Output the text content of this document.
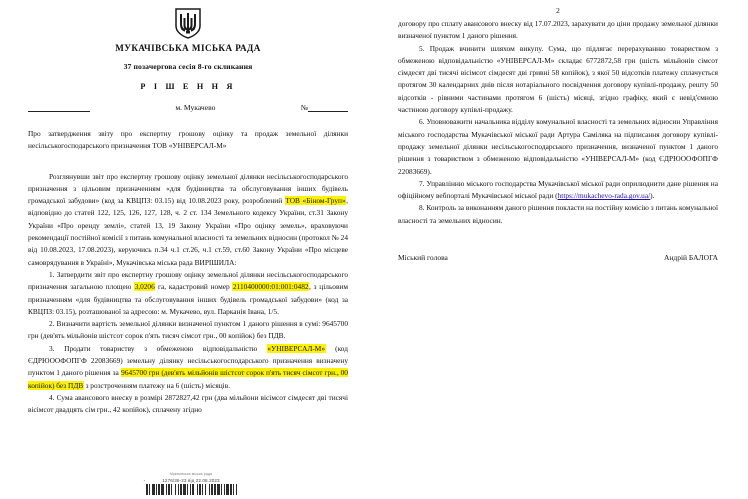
МУКАЧІВСЬКА МІСЬКА РАДА
37 позачергова сесія 8-го скликання
Р І Ш Е Н Н Я
м. Мукачево	№
Про затвердження звіту про експертну грошову оцінку та продаж земельної ділянки несільськогосподарського призначення ТОВ «УНІВЕРСАЛ-М»

Розглянувши звіт про експертну грошову оцінку земельної ділянки несільськогосподарського призначення з цільовим призначенням «для будівництва та обслуговування інших будівель громадської забудови» (код за КВЦПЗ: 03.15) від 10.08.2023 року, розроблений ТОВ «Біном-Груп», відповідно до статей 122, 125, 126, 127, 128, ч. 2 ст. 134 Земельного кодексу України, ст.31 Закону України «Про оренду землі», статей 13, 19 Закону України «Про оцінку земель», враховуючи рекомендації постійної комісії з питань комунальної власності та земельних відносин (протокол № 24 від 10.08.2023, 17.08.2023), керуючись п.34 ч.1 ст.26, ч.1 ст.59, ст.60 Закону України «Про місцеве самоврядування в Україні», Мукачівська міська рада ВИРІШИЛА:

1. Затвердити звіт про експертну грошову оцінку земельної ділянки несільськогосподарського призначення загальною площею 3,0206 га, кадастровий номер 2110400000:01:001:0482, з цільовим призначенням «для будівництва та обслуговування інших будівель громадської забудови» (код за КВЦПЗ: 03.15), розташованої за адресою: м. Мукачево, вул. Парканія Івана, 1/5.

2. Визначити вартість земельної ділянки визначеної пунктом 1 даного рішення в сумі: 9645700 грн (дев'ять мільйонів шістсот сорок п'ять тисяч сімсот грн., 00 копійок) без ПДВ.

3. Продати товариству з обмеженою відповідальністю «УНІВЕРСАЛ-М» (код ЄДРЮООФОПГФ 22083669) земельну ділянку несільськогосподарського призначення визначену пунктом 1 даного рішення за 9645700 грн (дев'ять мільйонів шістсот сорок п'ять тисяч сімсот грн., 00 копійок) без ПДВ з розстроченням платежу на 6 (шість) місяців.

4. Сума авансового внеску в розмірі 2872827,42 грн (два мільйони вісімсот сімдесят дві тисячі вісімсот двадцять сім грн., 42 копійок), сплачену згідно

Мукачівська міська рада
1276/36-23 від 22.08.2023
"
2

договору про сплату авансового внеску від 17.07.2023, зарахувати до ціни продажу земельної ділянки визначеної пунктом 1 даного рішення.

5. Продаж вчинити шляхом викупу. Сума, що підлягає перерахуванню товариством з обмеженою відповідальністю «УНІВЕРСАЛ-М» складає 6772872,58 грн (шість мільйонів сімсот сімдесят дві тисячі вісімсот сімдесят дві гривні 58 копійок), з якої 50 відсотків платежу сплачується протягом 30 календарних днів після нотаріального посвідчення договору купівлі-продажу, решту 50 відсотків - рівними частинами протягом 6 (шість) місяці, згідно графіку, який є невід'ємною частиною договору купівлі-продажу.

6. Уповноважити начальника відділу комунальної власності та земельних відносин Управління міського господарства Мукачівської міської ради Артура Саміляка на підписання договору купівлі-продажу земельної ділянки несільськогосподарського призначення, визначеної пунктом 1 даного рішення з товариством з обмеженою відповідальністю «УНІВЕРСАЛ-М» (код ЄДРЮООФОПГФ 22083669).

7. Управлінню міського господарства Мукачівської міської ради оприлюднити дане рішення на офіційному вебпорталі Мукачівської міської ради (https://mukachevo-rada.gov.ua/).

8. Контроль за виконанням даного рішення покласти на постійну комісію з питань комунальної власності та земельних відносин.

Міський голова	Андрій БАЛОГА
